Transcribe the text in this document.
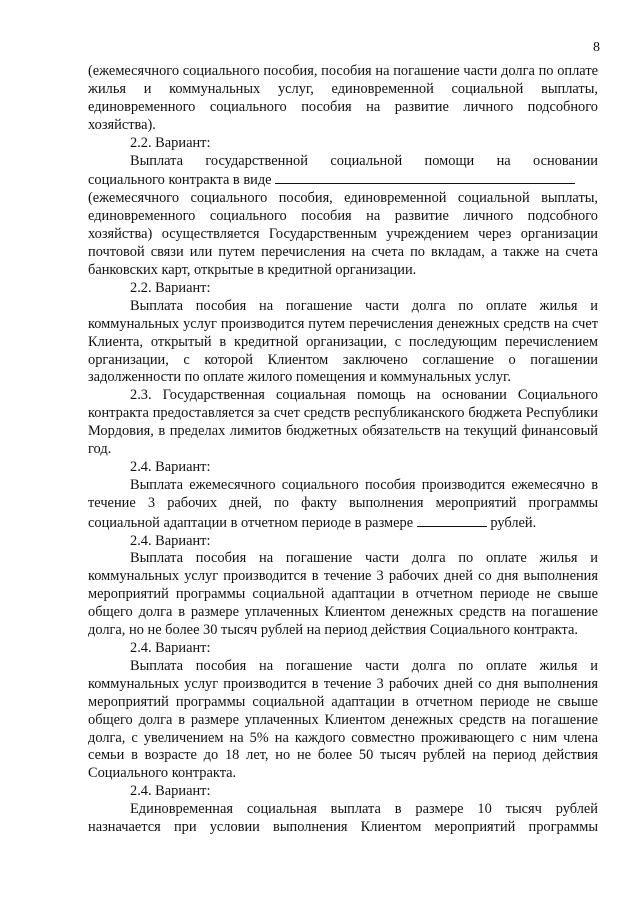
8

(ежемесячного социального пособия, пособия на погашение части долга по оплате жилья и коммунальных услуг, единовременной социальной выплаты, единовременного социального пособия на развитие личного подсобного хозяйства).

2.2. Вариант:

Выплата государственной социальной помощи на основании

социального контракта в виде

(ежемесячного социального пособия, единовременной социальной выплаты, единовременного социального пособия на развитие личного подсобного хозяйства) осуществляется Государственным учреждением через организации почтовой связи или путем перечисления на счета по вкладам, а также на счета банковских карт, открытые в кредитной организации.

2.2. Вариант:

Выплата пособия на погашение части долга по оплате жилья и коммунальных услуг производится путем перечисления денежных средств на счет Клиента, открытый в кредитной организации, с последующим перечислением организации, с которой Клиентом заключено соглашение о погашении задолженности по оплате жилого помещения и коммунальных услуг.

2.3. Государственная социальная помощь на основании Социального контракта предоставляется за счет средств республиканского бюджета Республики Мордовия, в пределах лимитов бюджетных обязательств на текущий финансовый год.

2.4. Вариант:

Выплата ежемесячного социального пособия производится ежемесячно в течение 3 рабочих дней, по факту выполнения мероприятий программы социальной адаптации в отчетном периоде в размере	рублей.

2.4. Вариант:

Выплата пособия на погашение части долга по оплате жилья и коммунальных услуг производится в течение 3 рабочих дней со дня выполнения мероприятий программы социальной адаптации в отчетном периоде не свыше общего долга в размере уплаченных Клиентом денежных средств на погашение долга, но не более 30 тысяч рублей на период действия Социального контракта.

2.4. Вариант:

Выплата пособия на погашение части долга по оплате жилья и коммунальных услуг производится в течение 3 рабочих дней со дня выполнения мероприятий программы социальной адаптации в отчетном периоде не свыше общего долга в размере уплаченных Клиентом денежных средств на погашение долга, с увеличением на 5% на каждого совместно проживающего с ним члена семьи в возрасте до 18 лет, но не более 50 тысяч рублей на период действия Социального контракта.

2.4. Вариант:

Единовременная социальная выплата в размере 10 тысяч рублей назначается при условии выполнения Клиентом мероприятий программы
